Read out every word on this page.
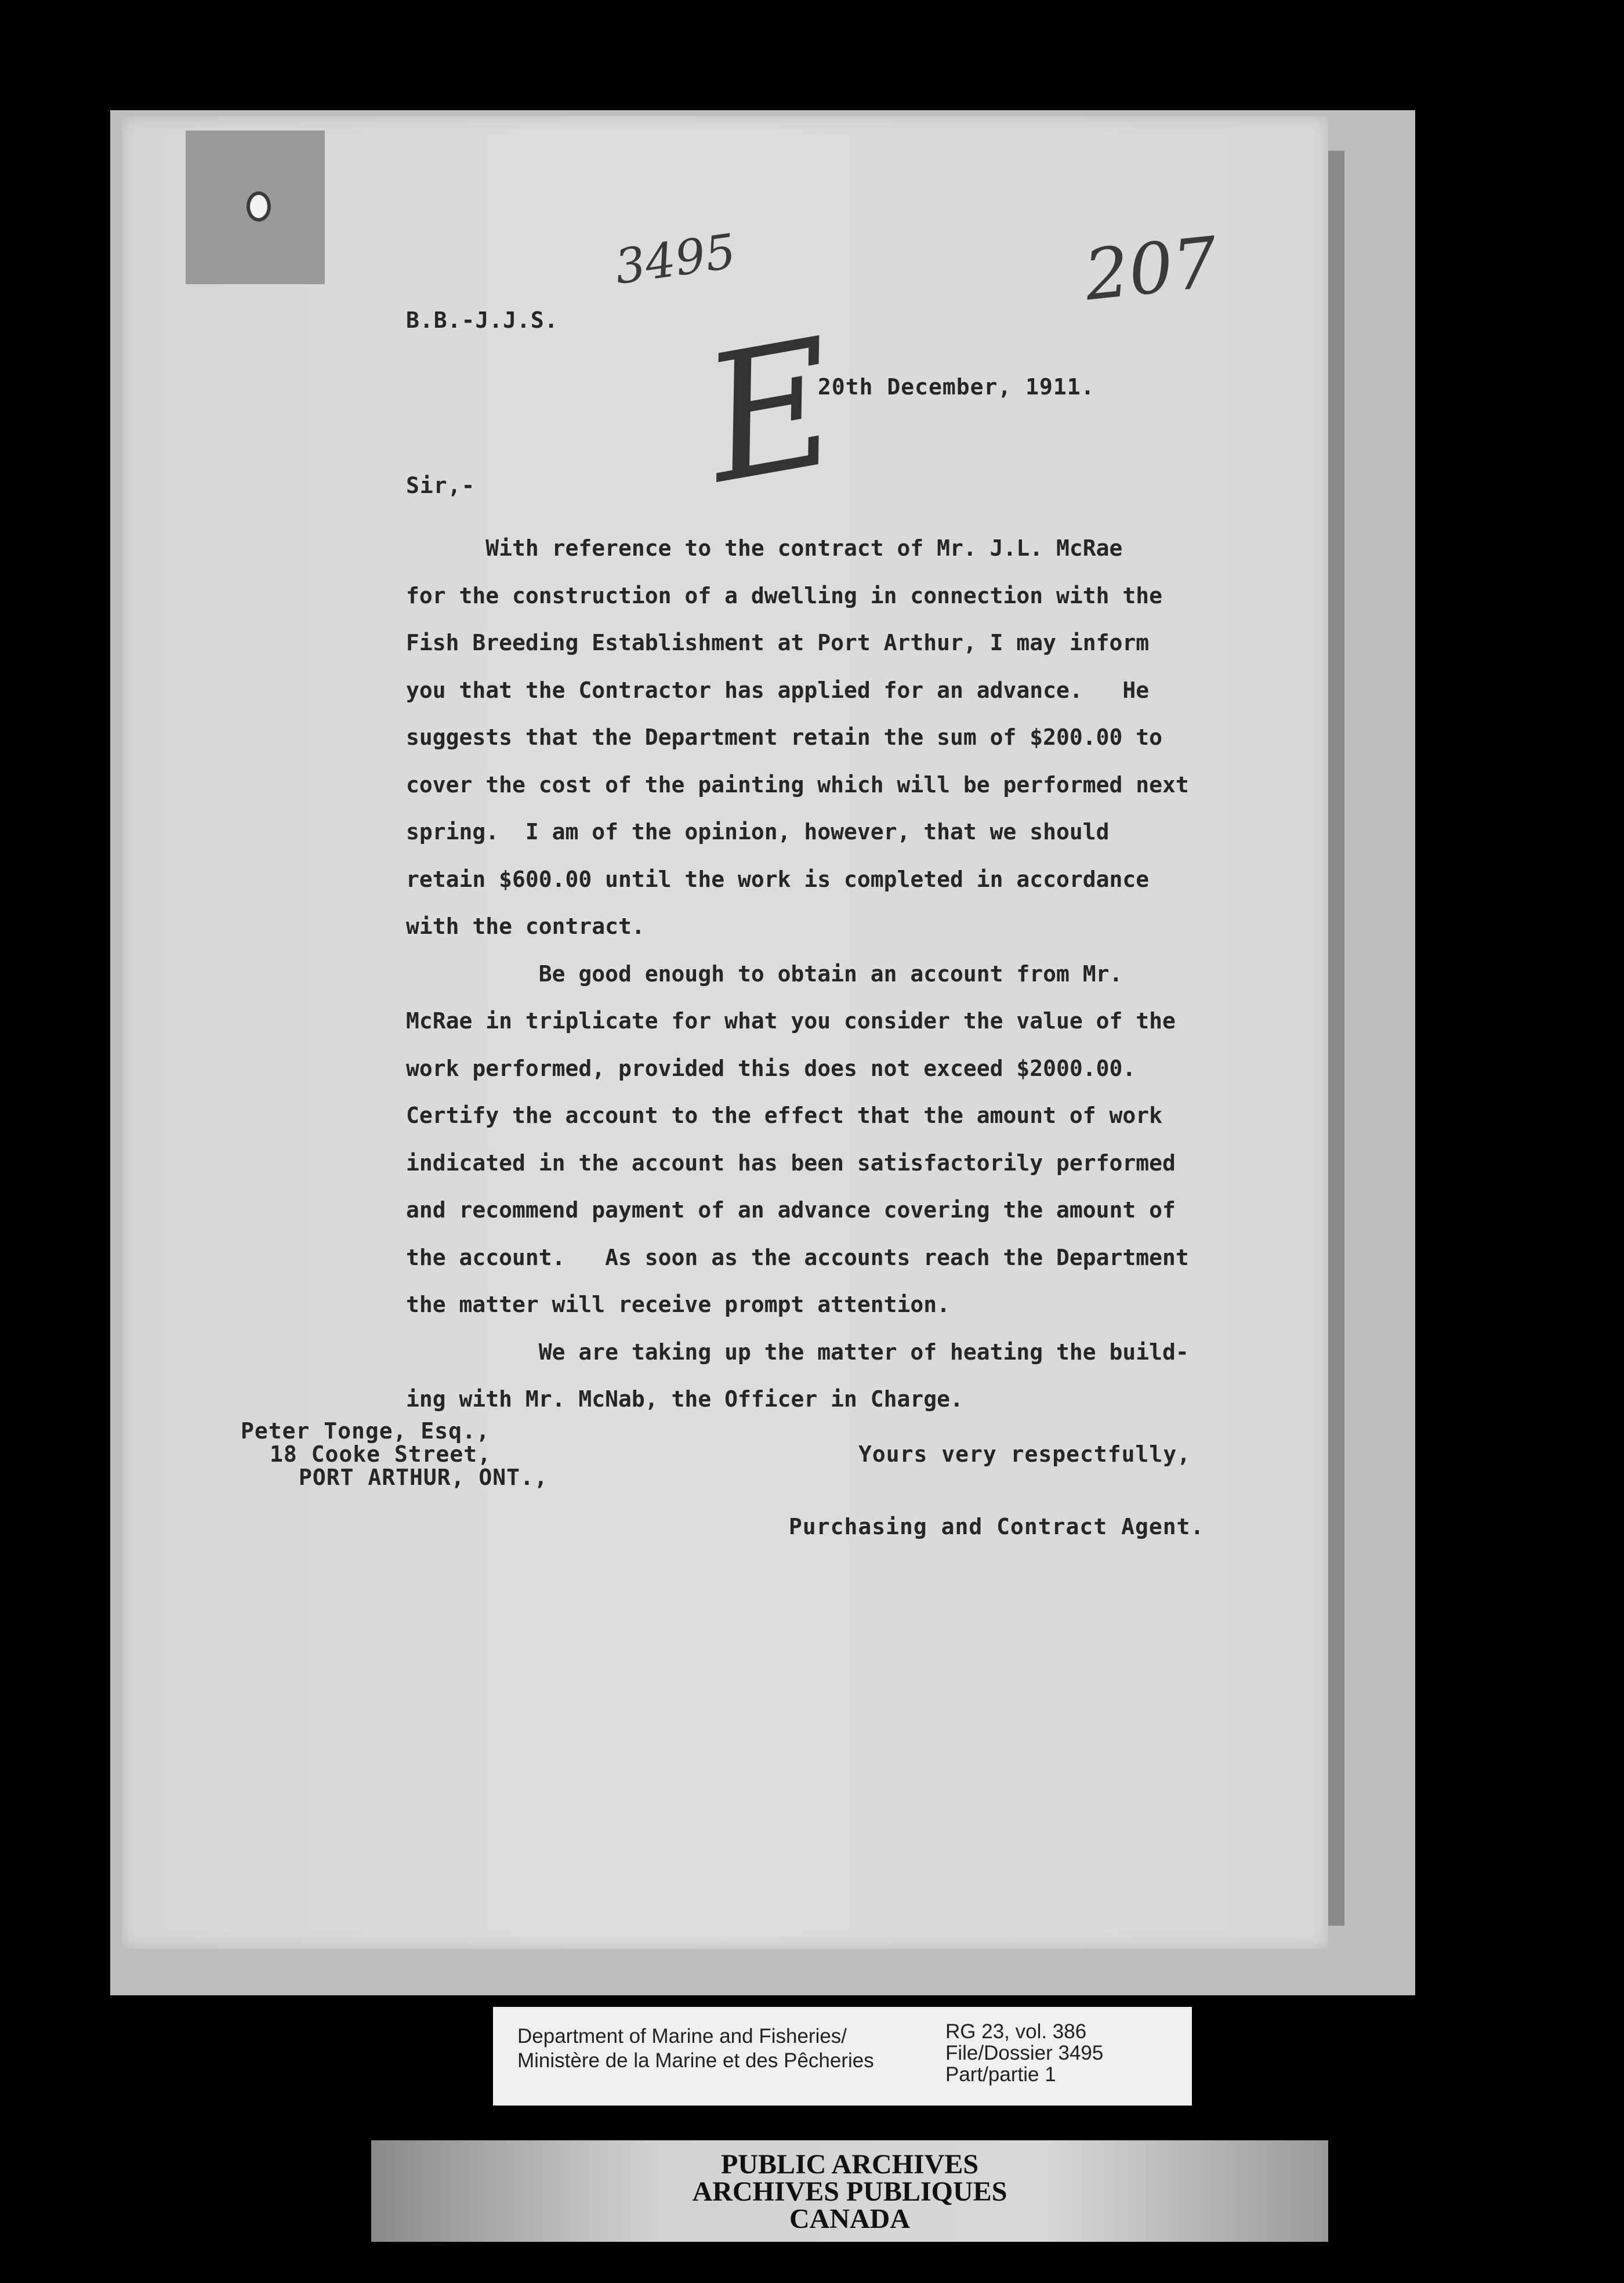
3495	207
E
B.B.-J.J.S.
20th December, 1911.
Sir,-
With reference to the contract of Mr. J.L. McRae
for the construction of a dwelling in connection with the
Fish Breeding Establishment at Port Arthur, I may inform
you that the Contractor has applied for an advance.   He
suggests that the Department retain the sum of $200.00 to
cover the cost of the painting which will be performed next
spring.  I am of the opinion, however, that we should
retain $600.00 until the work is completed in accordance
with the contract.
Be good enough to obtain an account from Mr.
McRae in triplicate for what you consider the value of the
work performed, provided this does not exceed $2000.00.
Certify the account to the effect that the amount of work
indicated in the account has been satisfactorily performed
and recommend payment of an advance covering the amount of
the account.   As soon as the accounts reach the Department
the matter will receive prompt attention.
We are taking up the matter of heating the build-
ing with Mr. McNab, the Officer in Charge.
Peter Tonge, Esq.,
18 Cooke Street,
PORT ARTHUR, ONT.,
Yours very respectfully,
Purchasing and Contract Agent.
Department of Marine and Fisheries/
Ministère de la Marine et des Pêcheries
RG 23, vol. 386
File/Dossier 3495
Part/partie 1
PUBLIC ARCHIVES
ARCHIVES PUBLIQUES
CANADA
